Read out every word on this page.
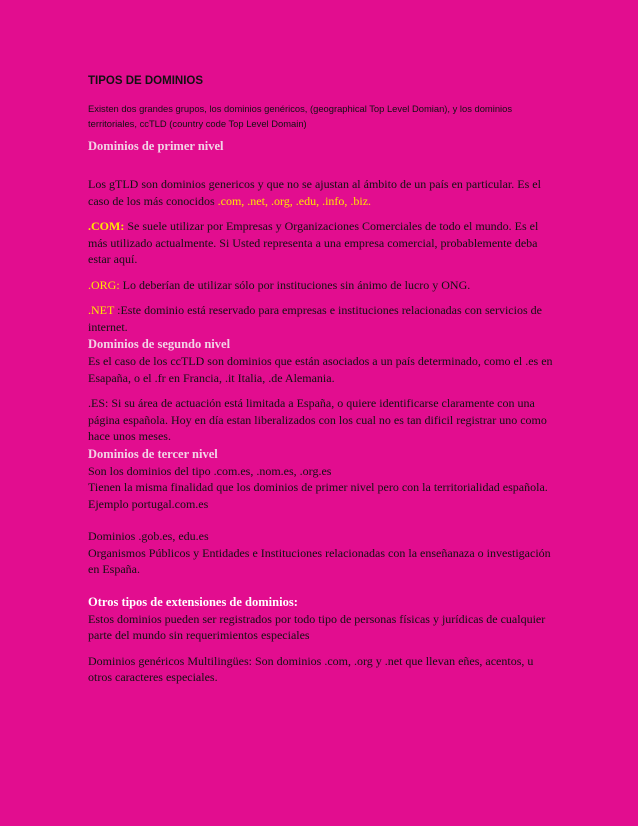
TIPOS DE DOMINIOS

Existen dos grandes grupos, los dominios genéricos, (geographical Top Level Domian), y los dominios territoriales, ccTLD (country code Top Level Domain)

Dominios de primer nivel

Los gTLD son dominios genericos y que no se ajustan al ámbito de un país en particular. Es el caso de los más conocidos .com, .net, .org, .edu, .info, .biz.

.COM: Se suele utilizar por Empresas y Organizaciones Comerciales de todo el mundo. Es el más utilizado actualmente. Si Usted representa a una empresa comercial, probablemente deba estar aquí.

.ORG: Lo deberían de utilizar sólo por instituciones sin ánimo de lucro y ONG.

.NET :Este dominio está reservado para empresas e instituciones relacionadas con servicios de internet.

Dominios de segundo nivel

Es el caso de los ccTLD son dominios que están asociados a un país determinado, como el .es en Esapaña, o el .fr en Francia, .it Italia, .de Alemania.

.ES: Si su área de actuación está limitada a España, o quiere identificarse claramente con una página española. Hoy en día estan liberalizados con los cual no es tan dificil registrar uno como hace unos meses.

Dominios de tercer nivel

Son los dominios del tipo .com.es, .nom.es, .org.es

Tienen la misma finalidad que los dominios de primer nivel pero con la territorialidad española. Ejemplo portugal.com.es

Dominios .gob.es, edu.es

Organismos Públicos y Entidades e Instituciones relacionadas con la enseñanaza o investigación en España.

Otros tipos de extensiones de dominios:

Estos dominios pueden ser registrados por todo tipo de personas físicas y jurídicas de cualquier parte del mundo sin requerimientos especiales

Dominios genéricos Multilingües: Son dominios .com, .org y .net que llevan eñes, acentos, u otros caracteres especiales.
